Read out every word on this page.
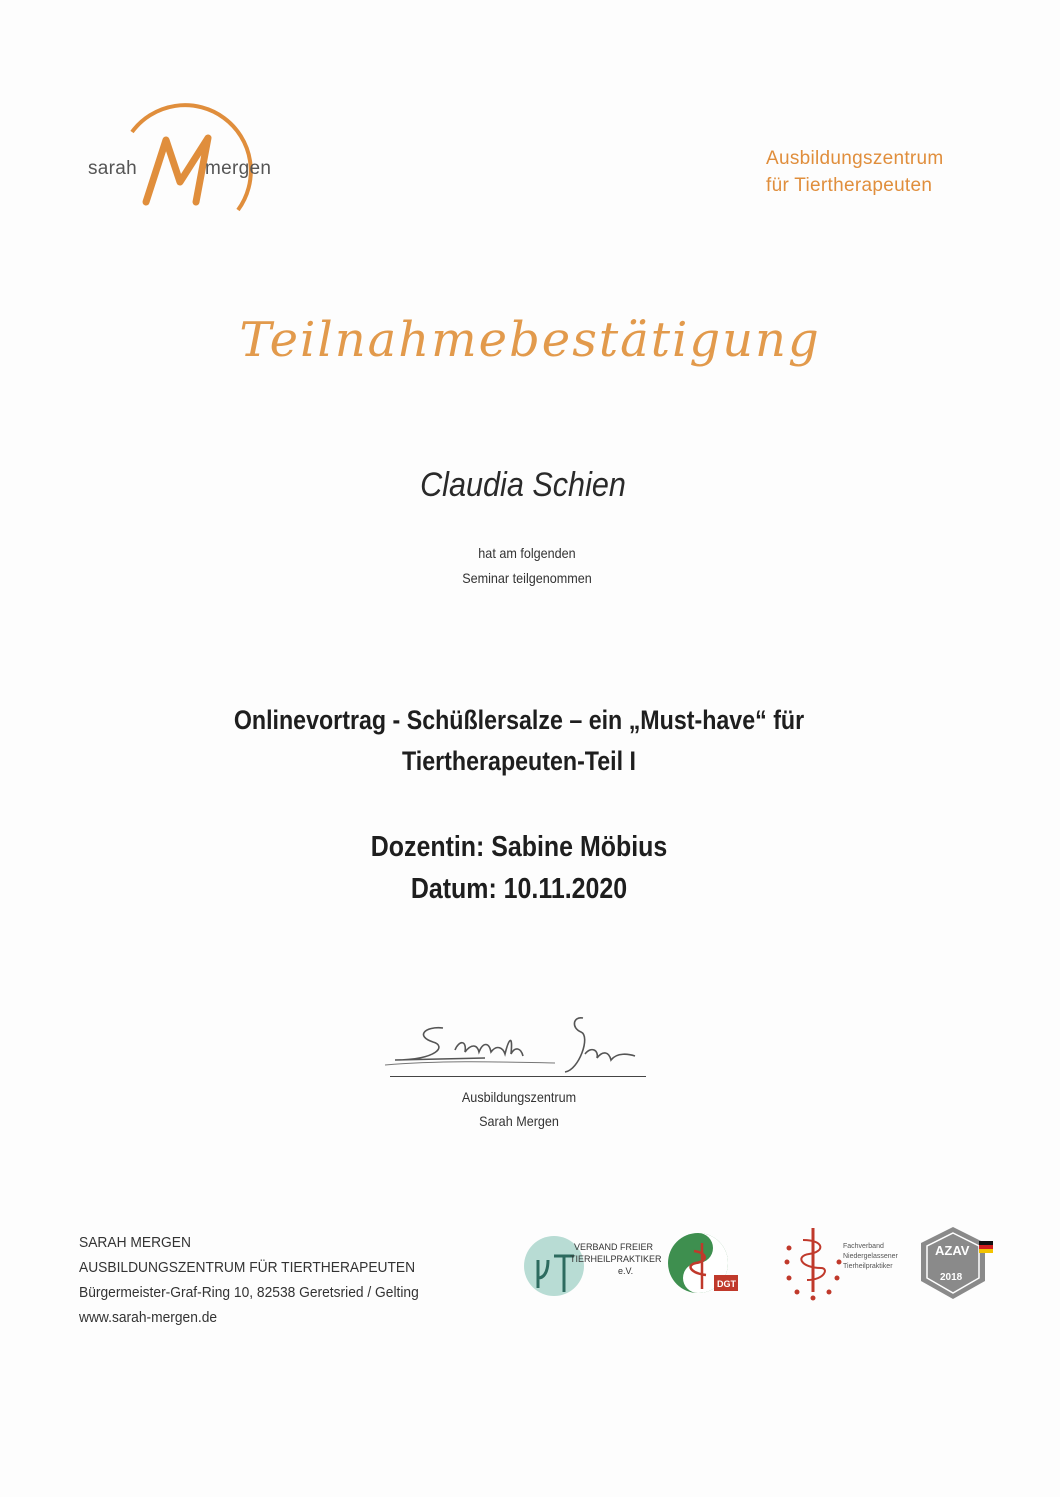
sarah	mergen	Ausbildungszentrum
für Tiertherapeuten
Teilnahmebestätigung
Claudia Schien
hat am folgenden
Seminar teilgenommen
Onlinevortrag - Schüßlersalze – ein „Must-have“ für
Tiertherapeuten-Teil I
Dozentin: Sabine Möbius
Datum: 10.11.2020
Ausbildungszentrum
Sarah Mergen
SARAH MERGEN
AUSBILDUNGSZENTRUM FÜR TIERTHERAPEUTEN
Bürgermeister-Graf-Ring 10, 82538 Geretsried / Gelting
www.sarah-mergen.de
VERBAND FREIER
TIERHEILPRAKTIKER
e.V.
DGT
Fachverband
Niedergelassener
Tierheilpraktiker
AZAV
2018
